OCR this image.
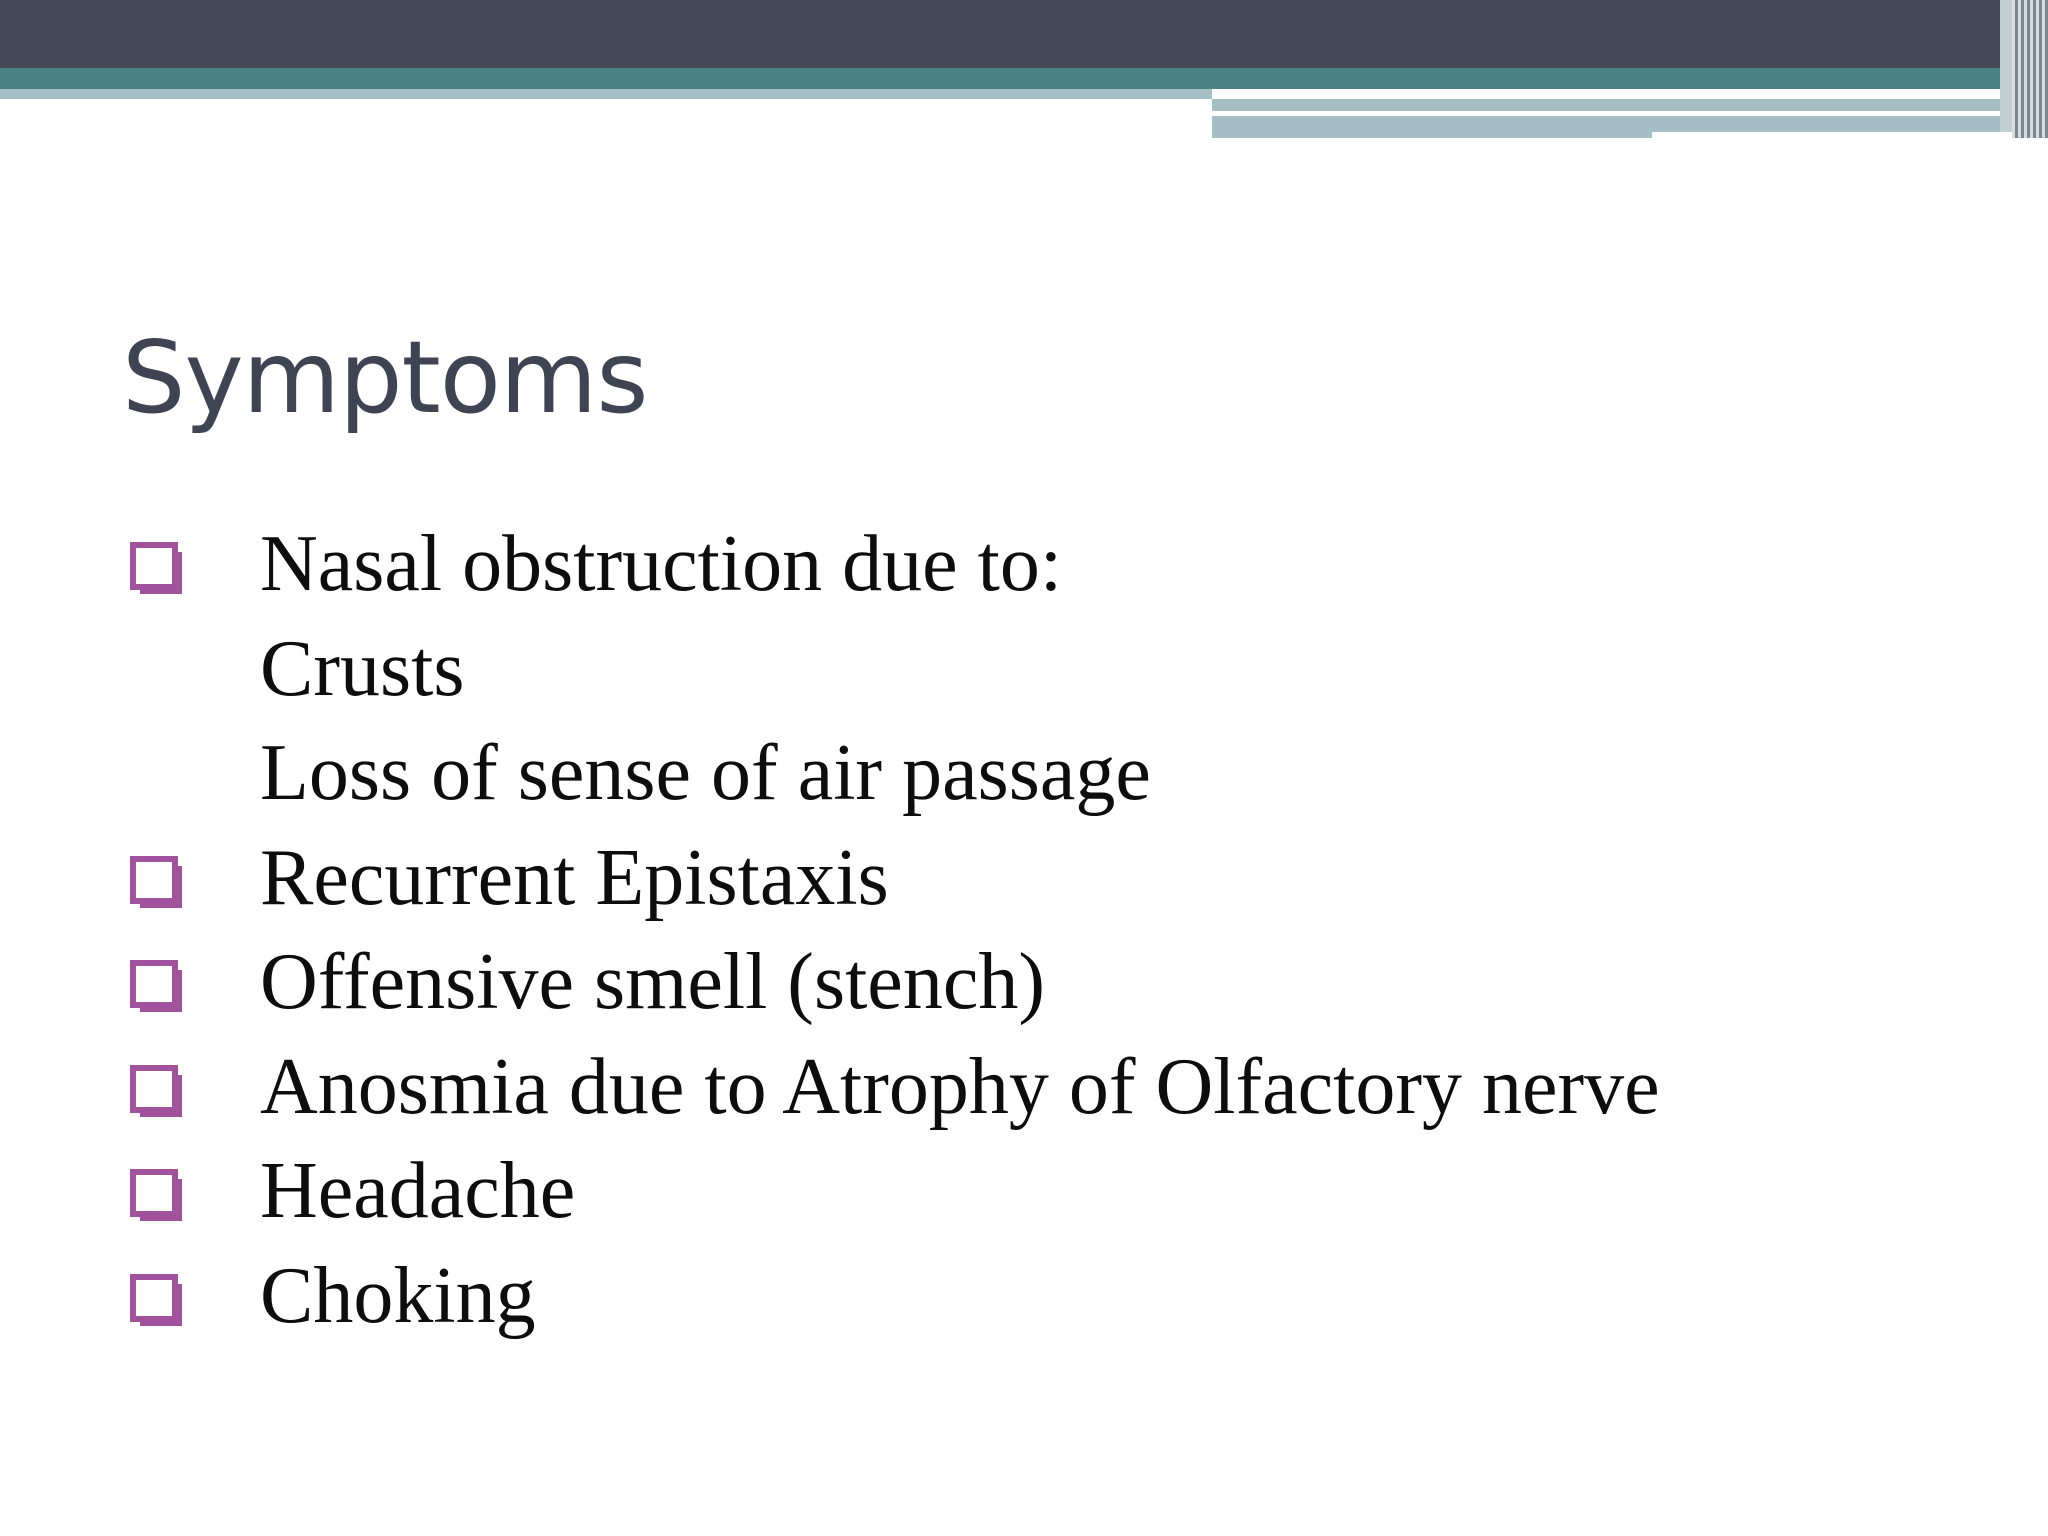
Symptoms
Nasal obstruction due to:
Crusts
Loss of sense of air passage
Recurrent Epistaxis
Offensive smell (stench)
Anosmia due to Atrophy of Olfactory nerve
Headache
Choking
